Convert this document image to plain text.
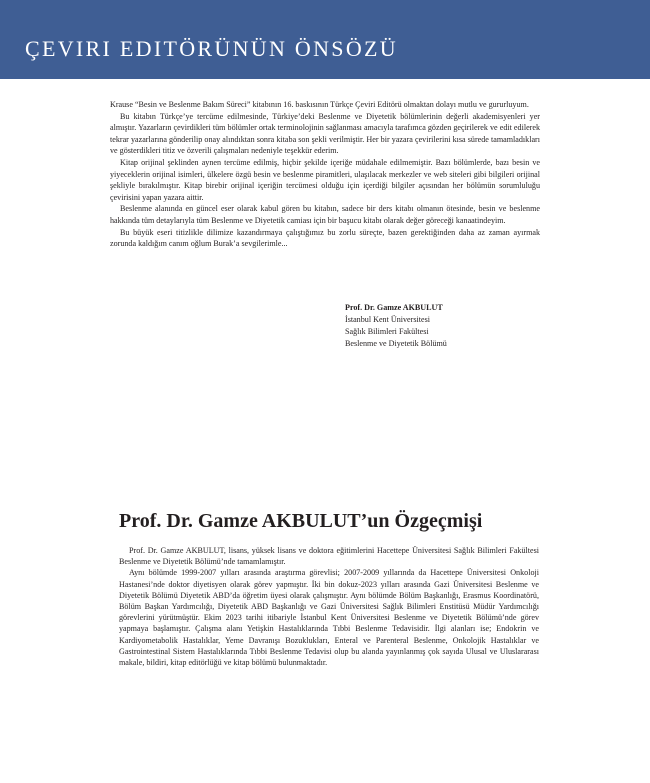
ÇEVIRI EDITÖRÜNÜN ÖNSÖZÜ

Krause “Besin ve Beslenme Bakım Süreci” kitabının 16. baskısının Türkçe Çeviri Editörü olmaktan dolayı mutlu ve gururluyum.

Bu kitabın Türkçe’ye tercüme edilmesinde, Türkiye’deki Beslenme ve Diyetetik bölümlerinin değerli akademisyenleri yer almıştır. Yazarların çevirdikleri tüm bölümler ortak terminolojinin sağlanması amacıyla tarafımca gözden geçirilerek ve edit edilerek tekrar yazarlarına gönderilip onay alındıktan sonra kitaba son şekli verilmiştir. Her bir yazara çevirilerini kısa sürede tamamladıkları ve gösterdikleri titiz ve özverili çalışmaları nedeniyle teşekkür ederim.

Kitap orijinal şeklinden aynen tercüme edilmiş, hiçbir şekilde içeriğe müdahale edilmemiştir. Bazı bölümlerde, bazı besin ve yiyeceklerin orijinal isimleri, ülkelere özgü besin ve beslenme piramitleri, ulaşılacak merkezler ve web siteleri gibi bilgileri orijinal şekliyle bırakılmıştır. Kitap birebir orijinal içeriğin tercümesi olduğu için içerdiği bilgiler açısından her bölümün sorumluluğu çevirisini yapan yazara aittir.

Beslenme alanında en güncel eser olarak kabul gören bu kitabın, sadece bir ders kitabı olmanın ötesinde, besin ve beslenme hakkında tüm detaylarıyla tüm Beslenme ve Diyetetik camiası için bir başucu kitabı olarak değer göreceği kanaatindeyim.

Bu büyük eseri titizlikle dilimize kazandırmaya çalıştığımız bu zorlu süreçte, bazen gerektiğinden daha az zaman ayırmak zorunda kaldığım canım oğlum Burak’a sevgilerimle...

Prof. Dr. Gamze AKBULUT
İstanbul Kent Üniversitesi
Sağlık Bilimleri Fakültesi
Beslenme ve Diyetetik Bölümü
Prof. Dr. Gamze AKBULUT’un Özgeçmişi

Prof. Dr. Gamze AKBULUT, lisans, yüksek lisans ve doktora eğitimlerini Hacettepe Üniversitesi Sağlık Bilimleri Fakültesi Beslenme ve Diyetetik Bölümü’nde tamamlamıştır.

Aynı bölümde 1999-2007 yılları arasında araştırma görevlisi; 2007-2009 yıllarında da Hacettepe Üniversitesi Onkoloji Hastanesi’nde doktor diyetisyen olarak görev yapmıştır. İki bin dokuz-2023 yılları arasında Gazi Üniversitesi Beslenme ve Diyetetik Bölümü Diyetetik ABD’da öğretim üyesi olarak çalışmıştır. Aynı bölümde Bölüm Başkanlığı, Erasmus Koordinatörü, Bölüm Başkan Yardımcılığı, Diyetetik ABD Başkanlığı ve Gazi Üniversitesi Sağlık Bilimleri Enstitüsü Müdür Yardımcılığı görevlerini yürütmüştür. Ekim 2023 tarihi itibariyle İstanbul Kent Üniversitesi Beslenme ve Diyetetik Bölümü’nde görev yapmaya başlamıştır. Çalışma alanı Yetişkin Hastalıklarında Tıbbi Beslenme Tedavisidir. İlgi alanları ise; Endokrin ve Kardiyometabolik Hastalıklar, Yeme Davranışı Bozuklukları, Enteral ve Parenteral Beslenme, Onkolojik Hastalıklar ve Gastrointestinal Sistem Hastalıklarında Tıbbi Beslenme Tedavisi olup bu alanda yayınlanmış çok sayıda Ulusal ve Uluslararası makale, bildiri, kitap editörlüğü ve kitap bölümü bulunmaktadır.
